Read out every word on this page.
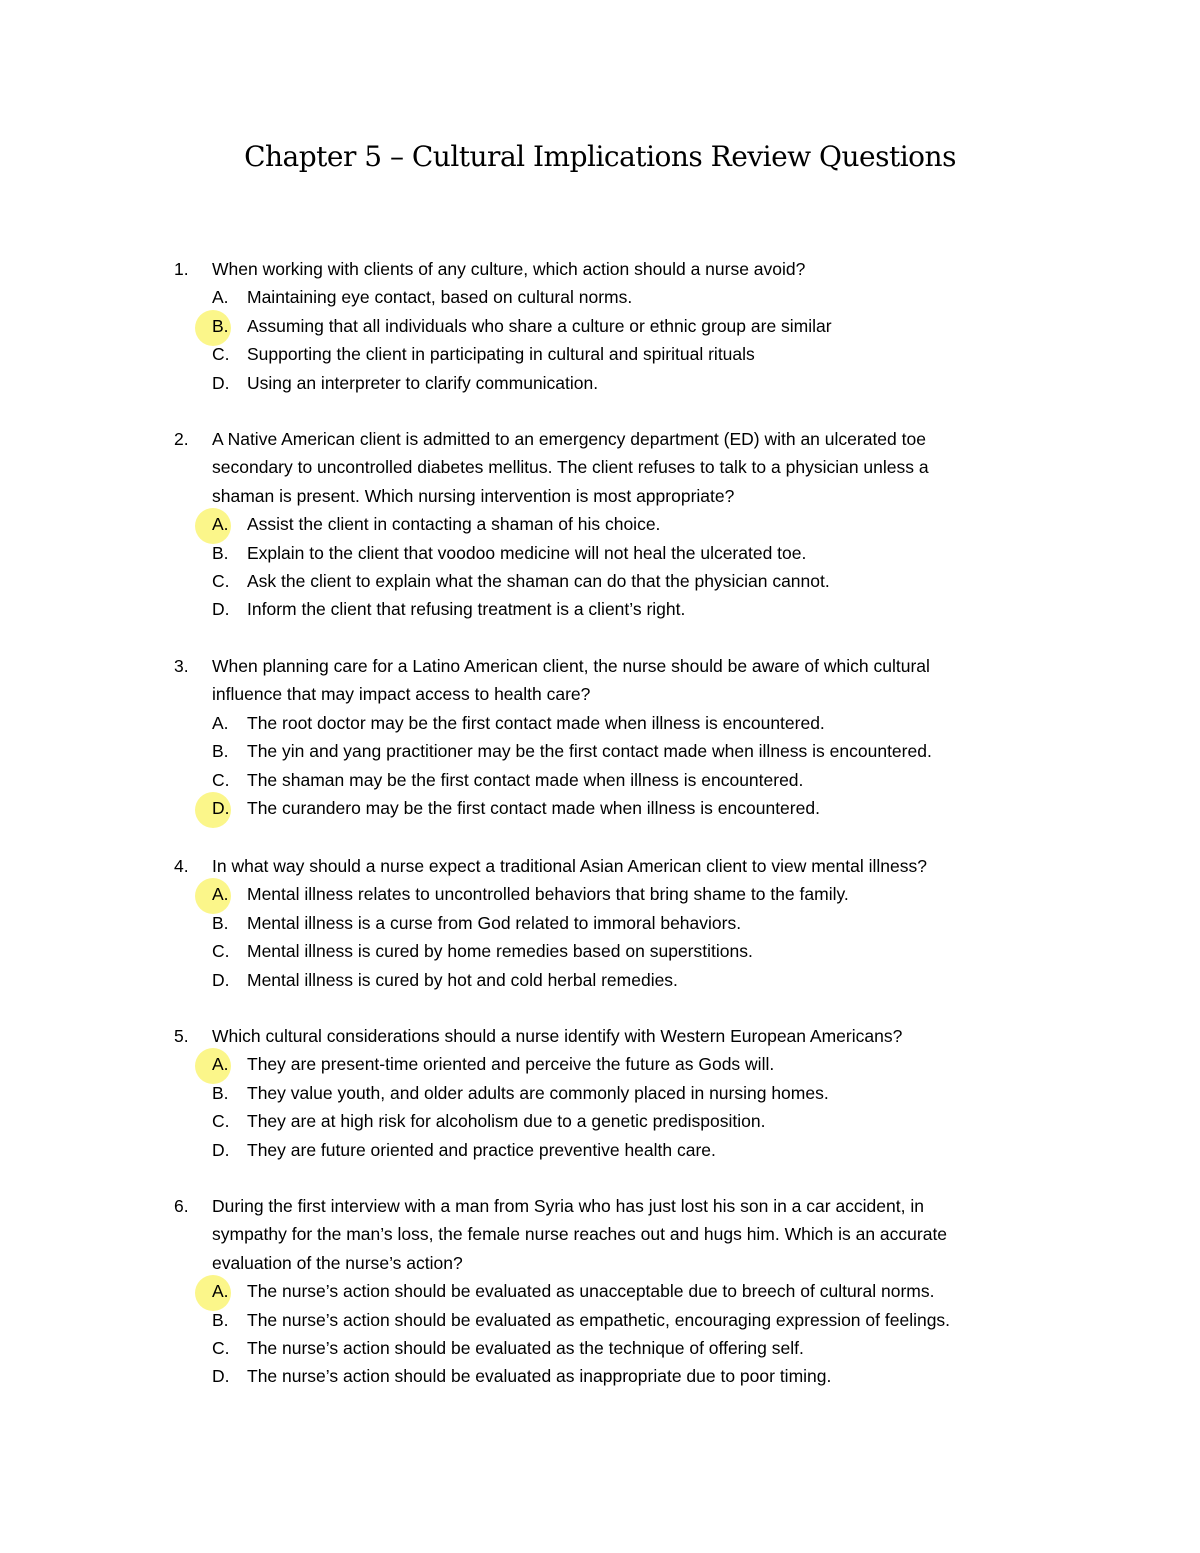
Chapter 5 – Cultural Implications Review Questions
1. When working with clients of any culture, which action should a nurse avoid?
A. Maintaining eye contact, based on cultural norms.
B. Assuming that all individuals who share a culture or ethnic group are similar
C. Supporting the client in participating in cultural and spiritual rituals
D. Using an interpreter to clarify communication.
2. A Native American client is admitted to an emergency department (ED) with an ulcerated toe
secondary to uncontrolled diabetes mellitus. The client refuses to talk to a physician unless a
shaman is present. Which nursing intervention is most appropriate?
A. Assist the client in contacting a shaman of his choice.
B. Explain to the client that voodoo medicine will not heal the ulcerated toe.
C. Ask the client to explain what the shaman can do that the physician cannot.
D. Inform the client that refusing treatment is a client’s right.
3. When planning care for a Latino American client, the nurse should be aware of which cultural
influence that may impact access to health care?
A. The root doctor may be the first contact made when illness is encountered.
B. The yin and yang practitioner may be the first contact made when illness is encountered.
C. The shaman may be the first contact made when illness is encountered.
D. The curandero may be the first contact made when illness is encountered.
4. In what way should a nurse expect a traditional Asian American client to view mental illness?
A. Mental illness relates to uncontrolled behaviors that bring shame to the family.
B. Mental illness is a curse from God related to immoral behaviors.
C. Mental illness is cured by home remedies based on superstitions.
D. Mental illness is cured by hot and cold herbal remedies.
5. Which cultural considerations should a nurse identify with Western European Americans?
A. They are present-time oriented and perceive the future as Gods will.
B. They value youth, and older adults are commonly placed in nursing homes.
C. They are at high risk for alcoholism due to a genetic predisposition.
D. They are future oriented and practice preventive health care.
6. During the first interview with a man from Syria who has just lost his son in a car accident, in
sympathy for the man’s loss, the female nurse reaches out and hugs him. Which is an accurate
evaluation of the nurse’s action?
A. The nurse’s action should be evaluated as unacceptable due to breech of cultural norms.
B. The nurse’s action should be evaluated as empathetic, encouraging expression of feelings.
C. The nurse’s action should be evaluated as the technique of offering self.
D. The nurse’s action should be evaluated as inappropriate due to poor timing.
